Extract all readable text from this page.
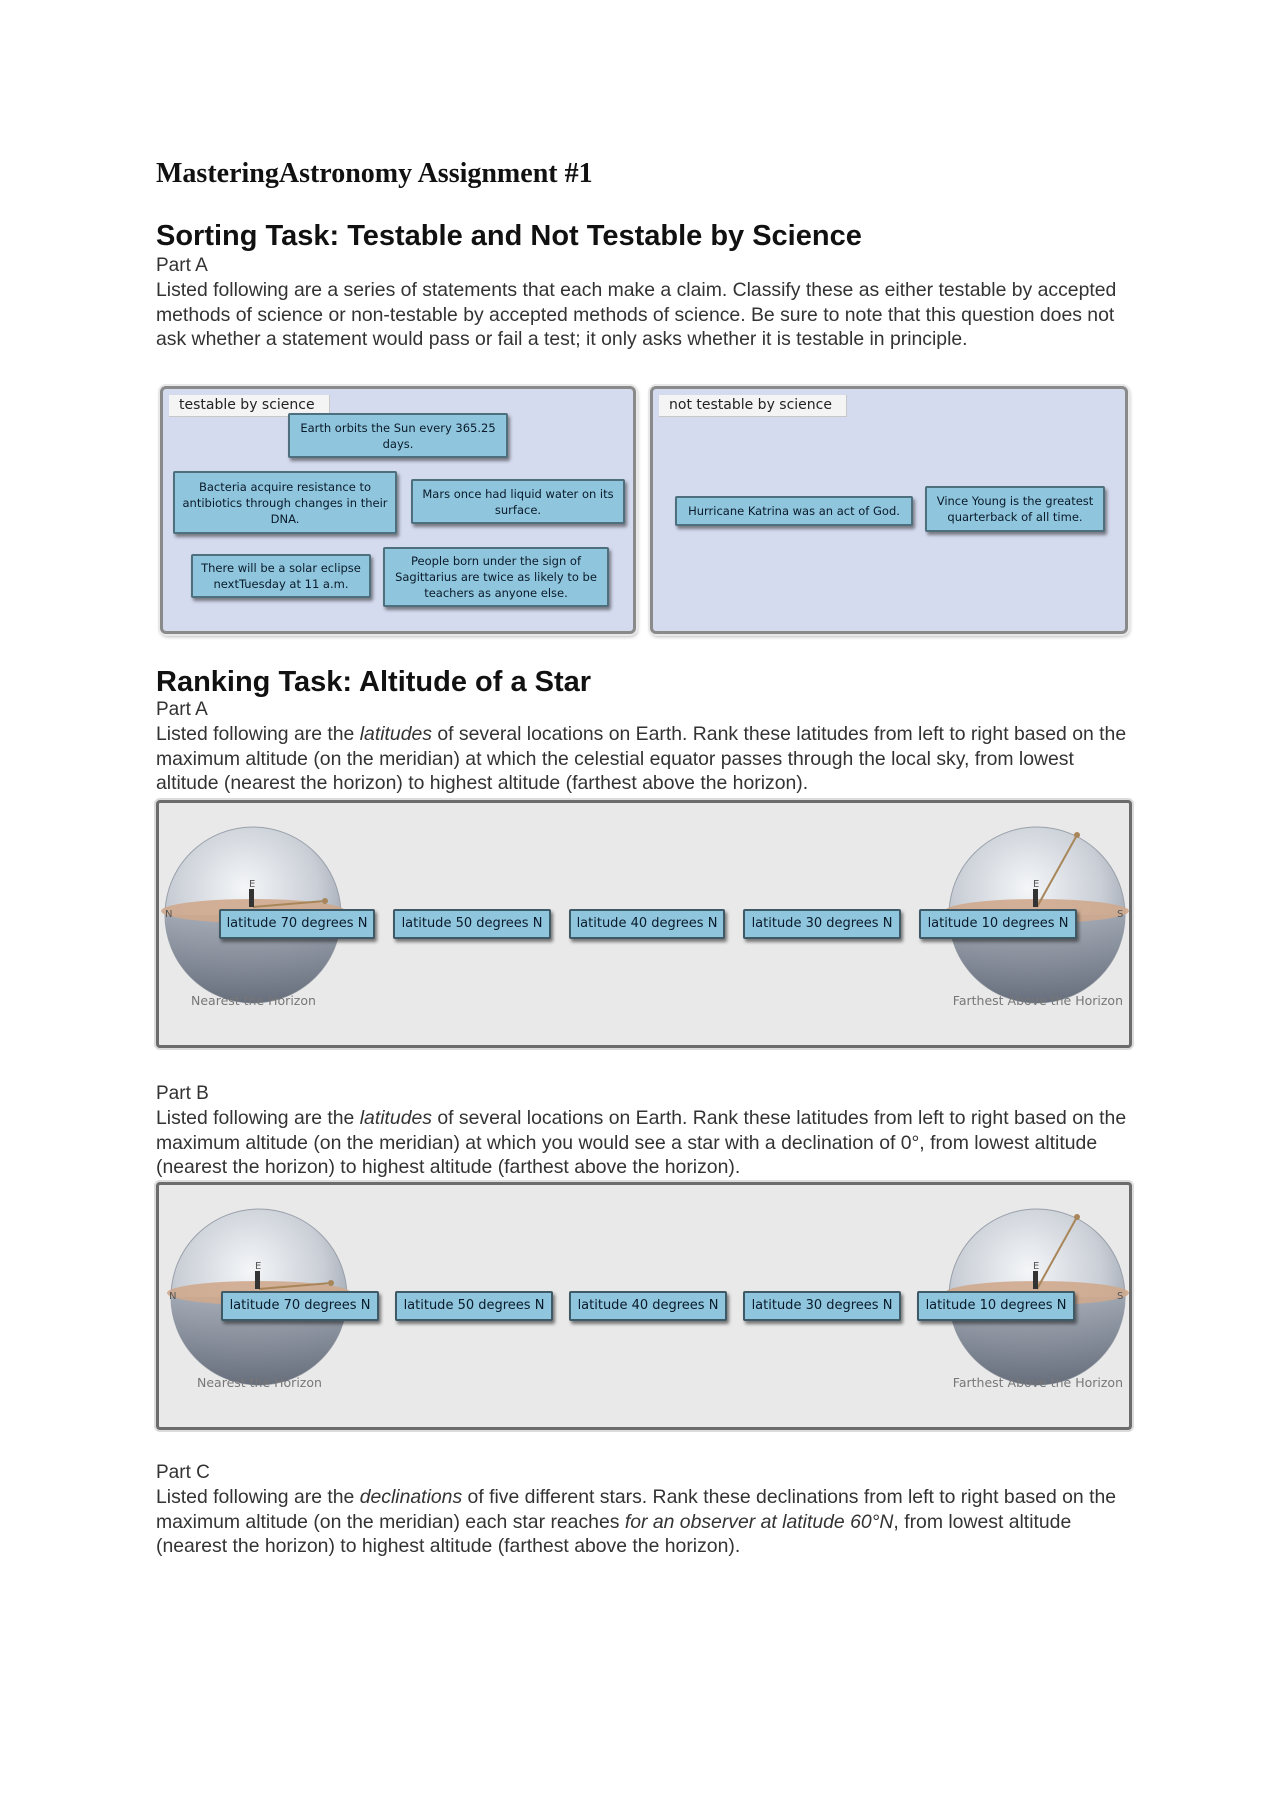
MasteringAstronomy Assignment #1
Sorting Task: Testable and Not Testable by Science

Part A

Listed following are a series of statements that each make a claim. Classify these as either testable by accepted methods of science or non-testable by accepted methods of science. Be sure to note that this question does not ask whether a statement would pass or fail a test; it only asks whether it is testable in principle.

testable by science
Earth orbits the Sun every 365.25 days.
Bacteria acquire resistance to antibiotics through changes in their DNA.
Mars once had liquid water on its surface.
There will be a solar eclipse nextTuesday at 11 a.m.
People born under the sign of Sagittarius are twice as likely to be teachers as anyone else.
not testable by science
Hurricane Katrina was an act of God.
Vince Young is the greatest quarterback of all time.
Ranking Task: Altitude of a Star

Part A

Listed following are the latitudes of several locations on Earth. Rank these latitudes from left to right based on the maximum altitude (on the meridian) at which the celestial equator passes through the local sky, from lowest altitude (nearest the horizon) to highest altitude (farthest above the horizon).

E
N
E
S
latitude 70 degrees N	latitude 50 degrees N	latitude 40 degrees N	latitude 30 degrees N	latitude 10 degrees N
Nearest the Horizon	Farthest Above the Horizon

Part B

Listed following are the latitudes of several locations on Earth. Rank these latitudes from left to right based on the maximum altitude (on the meridian) at which you would see a star with a declination of 0°, from lowest altitude (nearest the horizon) to highest altitude (farthest above the horizon).

E
N
E
S
latitude 70 degrees N	latitude 50 degrees N	latitude 40 degrees N	latitude 30 degrees N	latitude 10 degrees N
Nearest the Horizon	Farthest Above the Horizon

Part C

Listed following are the declinations of five different stars. Rank these declinations from left to right based on the maximum altitude (on the meridian) each star reaches for an observer at latitude 60°N, from lowest altitude (nearest the horizon) to highest altitude (farthest above the horizon).
